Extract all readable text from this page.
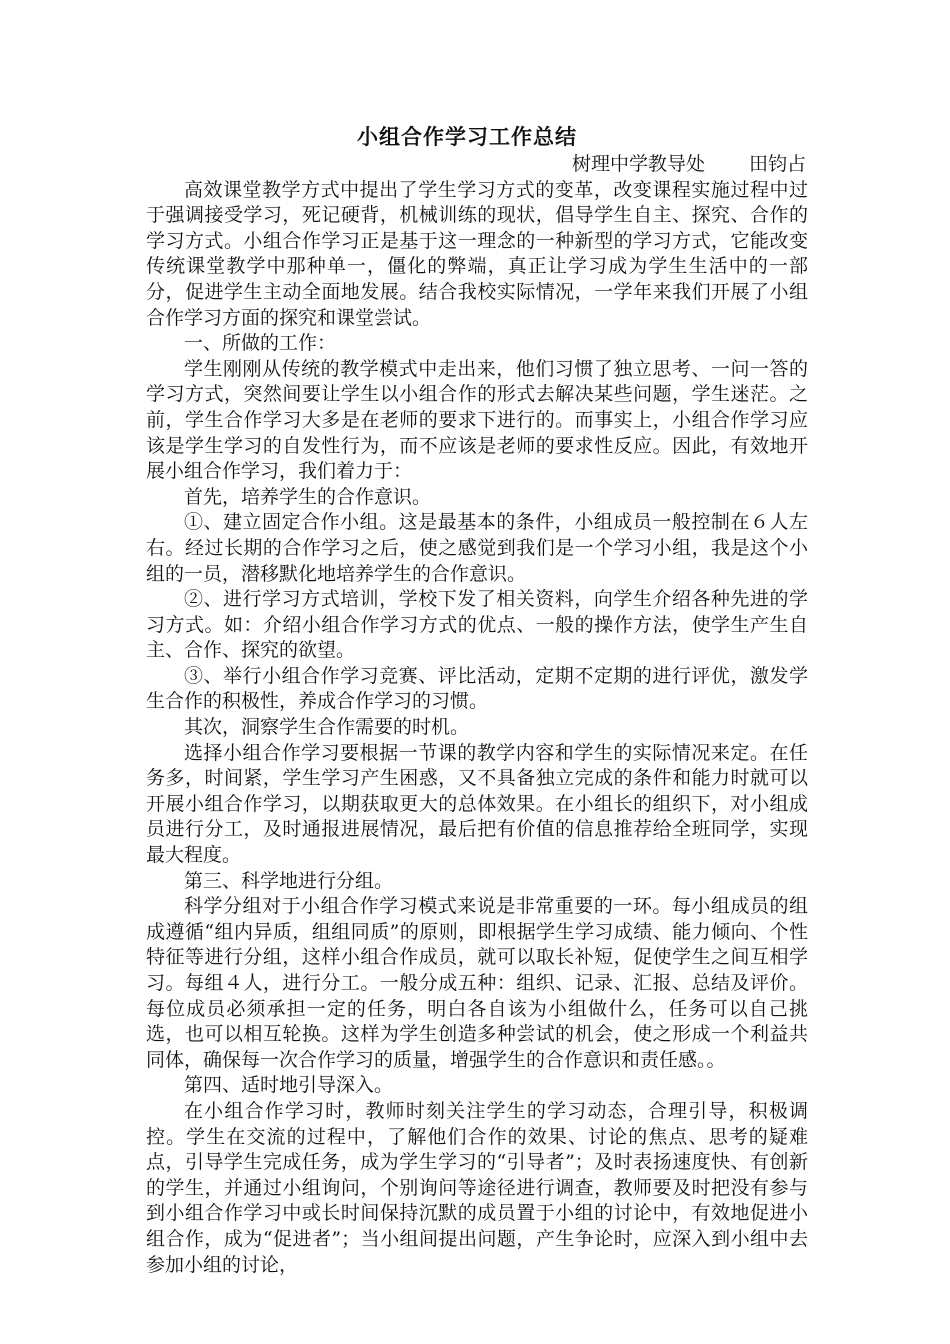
小组合作学习工作总结
树理中学教导处 田钧占

高效课堂教学方式中提出了学生学习方式的变革，改变课程实施过程中过于强调接受学习，死记硬背，机械训练的现状，倡导学生自主、探究、合作的学习方式。小组合作学习正是基于这一理念的一种新型的学习方式，它能改变传统课堂教学中那种单一，僵化的弊端，真正让学习成为学生生活中的一部分，促进学生主动全面地发展。结合我校实际情况，一学年来我们开展了小组合作学习方面的探究和课堂尝试。

一、所做的工作：

学生刚刚从传统的教学模式中走出来，他们习惯了独立思考、一问一答的学习方式，突然间要让学生以小组合作的形式去解决某些问题，学生迷茫。之前，学生合作学习大多是在老师的要求下进行的。而事实上，小组合作学习应该是学生学习的自发性行为，而不应该是老师的要求性反应。因此，有效地开展小组合作学习，我们着力于：

首先，培养学生的合作意识。

①、建立固定合作小组。这是最基本的条件，小组成员一般控制在６人左右。经过长期的合作学习之后，使之感觉到我们是一个学习小组，我是这个小组的一员，潜移默化地培养学生的合作意识。

②、进行学习方式培训，学校下发了相关资料，向学生介绍各种先进的学习方式。如：介绍小组合作学习方式的优点、一般的操作方法，使学生产生自主、合作、探究的欲望。

③、举行小组合作学习竞赛、评比活动，定期不定期的进行评优，激发学生合作的积极性，养成合作学习的习惯。

其次，洞察学生合作需要的时机。

选择小组合作学习要根据一节课的教学内容和学生的实际情况来定。在任务多，时间紧，学生学习产生困惑，又不具备独立完成的条件和能力时就可以开展小组合作学习，以期获取更大的总体效果。在小组长的组织下，对小组成员进行分工，及时通报进展情况，最后把有价值的信息推荐给全班同学，实现最大程度。

第三、科学地进行分组。

科学分组对于小组合作学习模式来说是非常重要的一环。每小组成员的组成遵循“组内异质，组组同质”的原则，即根据学生学习成绩、能力倾向、个性特征等进行分组，这样小组合作成员，就可以取长补短，促使学生之间互相学习。每组４人，进行分工。一般分成五种：组织、记录、汇报、总结及评价。每位成员必须承担一定的任务，明白各自该为小组做什么，任务可以自己挑选，也可以相互轮换。这样为学生创造多种尝试的机会，使之形成一个利益共同体，确保每一次合作学习的质量，增强学生的合作意识和责任感。。

第四、适时地引导深入。

在小组合作学习时，教师时刻关注学生的学习动态，合理引导，积极调控。学生在交流的过程中，了解他们合作的效果、讨论的焦点、思考的疑难点，引导学生完成任务，成为学生学习的“引导者”；及时表扬速度快、有创新的学生，并通过小组询问，个别询问等途径进行调查，教师要及时把没有参与到小组合作学习中或长时间保持沉默的成员置于小组的讨论中，有效地促进小组合作，成为“促进者”；当小组间提出问题，产生争论时，应深入到小组中去参加小组的讨论，
